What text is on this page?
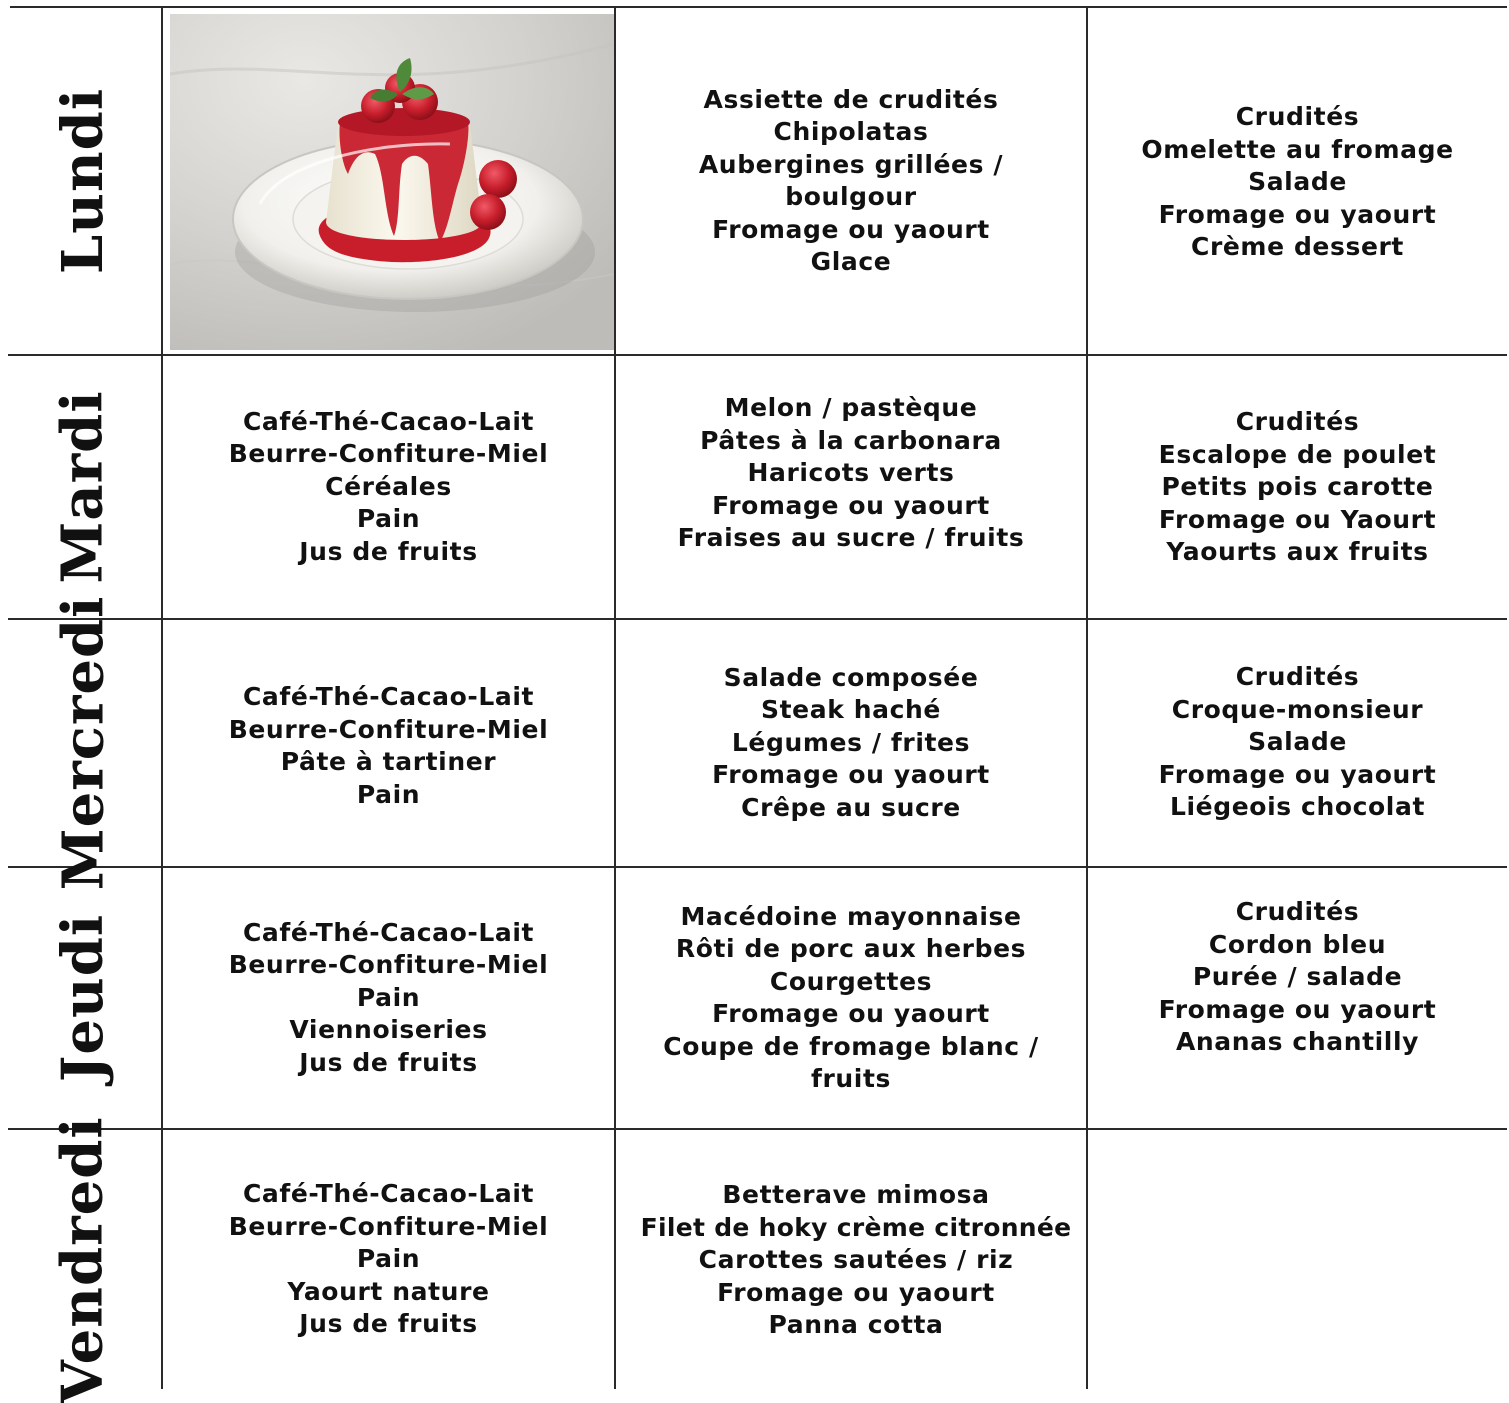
Lundi
Mardi
Mercredi
Jeudi
Vendredi
Assiette de crudités
Chipolatas
Aubergines grillées /
boulgour
Fromage ou yaourt
Glace
Crudités
Omelette au fromage
Salade
Fromage ou yaourt
Crème dessert
Café-Thé-Cacao-Lait
Beurre-Confiture-Miel
Céréales
Pain
Jus de fruits
Melon / pastèque
Pâtes à la carbonara
Haricots verts
Fromage ou yaourt
Fraises au sucre / fruits
Crudités
Escalope de poulet
Petits pois carotte
Fromage ou Yaourt
Yaourts aux fruits
Café-Thé-Cacao-Lait
Beurre-Confiture-Miel
Pâte à tartiner
Pain
Salade composée
Steak haché
Légumes / frites
Fromage ou yaourt
Crêpe au sucre
Crudités
Croque-monsieur
Salade
Fromage ou yaourt
Liégeois chocolat
Café-Thé-Cacao-Lait
Beurre-Confiture-Miel
Pain
Viennoiseries
Jus de fruits
Macédoine mayonnaise
Rôti de porc aux herbes
Courgettes
Fromage ou yaourt
Coupe de fromage blanc /
fruits
Crudités
Cordon bleu
Purée / salade
Fromage ou yaourt
Ananas chantilly
Café-Thé-Cacao-Lait
Beurre-Confiture-Miel
Pain
Yaourt nature
Jus de fruits
Betterave mimosa
Filet de hoky crème citronnée
Carottes sautées / riz
Fromage ou yaourt
Panna cotta
